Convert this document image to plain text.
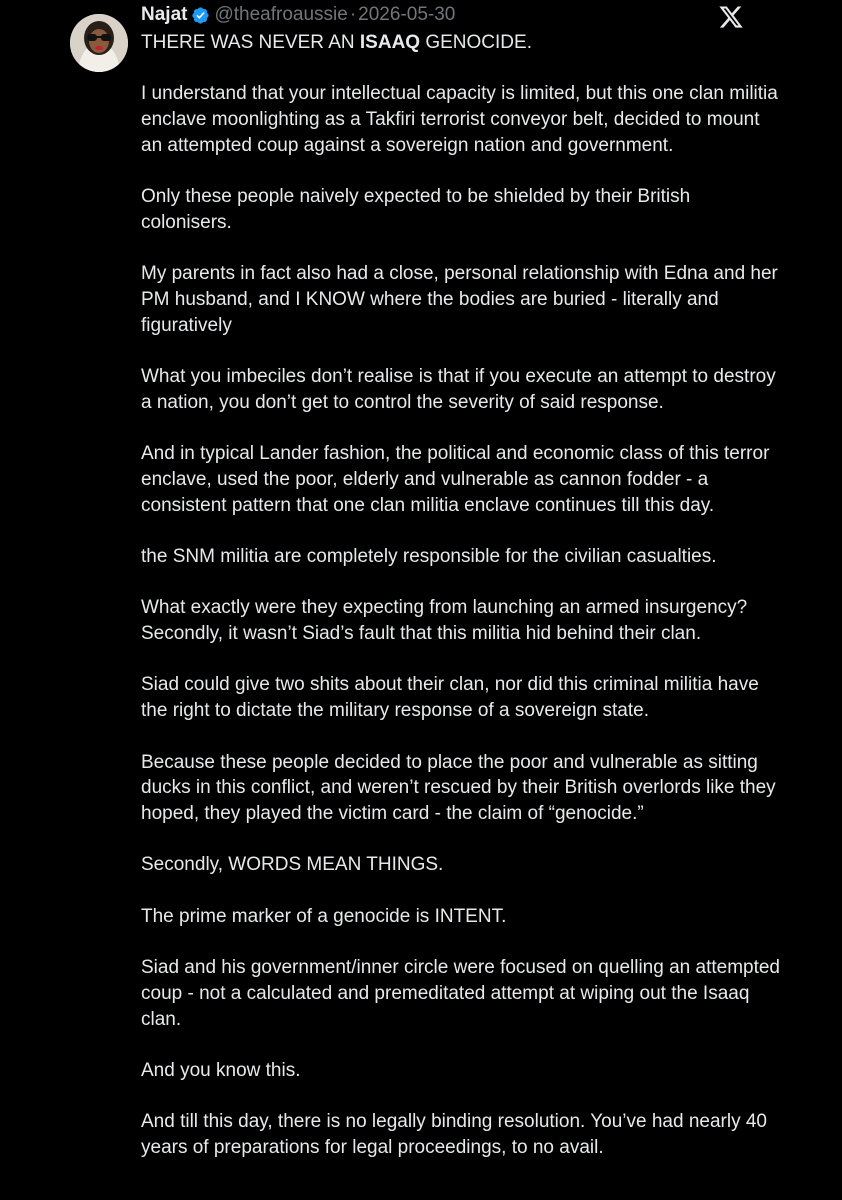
Najat @theafroaussie · 2026-05-30

THERE WAS NEVER AN ISAAQ GENOCIDE.

I understand that your intellectual capacity is limited, but this one clan militia enclave moonlighting as a Takfiri terrorist conveyor belt, decided to mount an attempted coup against a sovereign nation and government.

Only these people naively expected to be shielded by their British colonisers.

My parents in fact also had a close, personal relationship with Edna and her PM husband, and I KNOW where the bodies are buried - literally and figuratively

What you imbeciles don’t realise is that if you execute an attempt to destroy a nation, you don’t get to control the severity of said response.

And in typical Lander fashion, the political and economic class of this terror enclave, used the poor, elderly and vulnerable as cannon fodder - a consistent pattern that one clan militia enclave continues till this day.

the SNM militia are completely responsible for the civilian casualties.

What exactly were they expecting from launching an armed insurgency? Secondly, it wasn’t Siad’s fault that this militia hid behind their clan.

Siad could give two shits about their clan, nor did this criminal militia have the right to dictate the military response of a sovereign state.

Because these people decided to place the poor and vulnerable as sitting ducks in this conflict, and weren’t rescued by their British overlords like they hoped, they played the victim card - the claim of “genocide.”

Secondly, WORDS MEAN THINGS.

The prime marker of a genocide is INTENT.

Siad and his government/inner circle were focused on quelling an attempted coup - not a calculated and premeditated attempt at wiping out the Isaaq clan.

And you know this.

And till this day, there is no legally binding resolution. You’ve had nearly 40 years of preparations for legal proceedings, to no avail.
